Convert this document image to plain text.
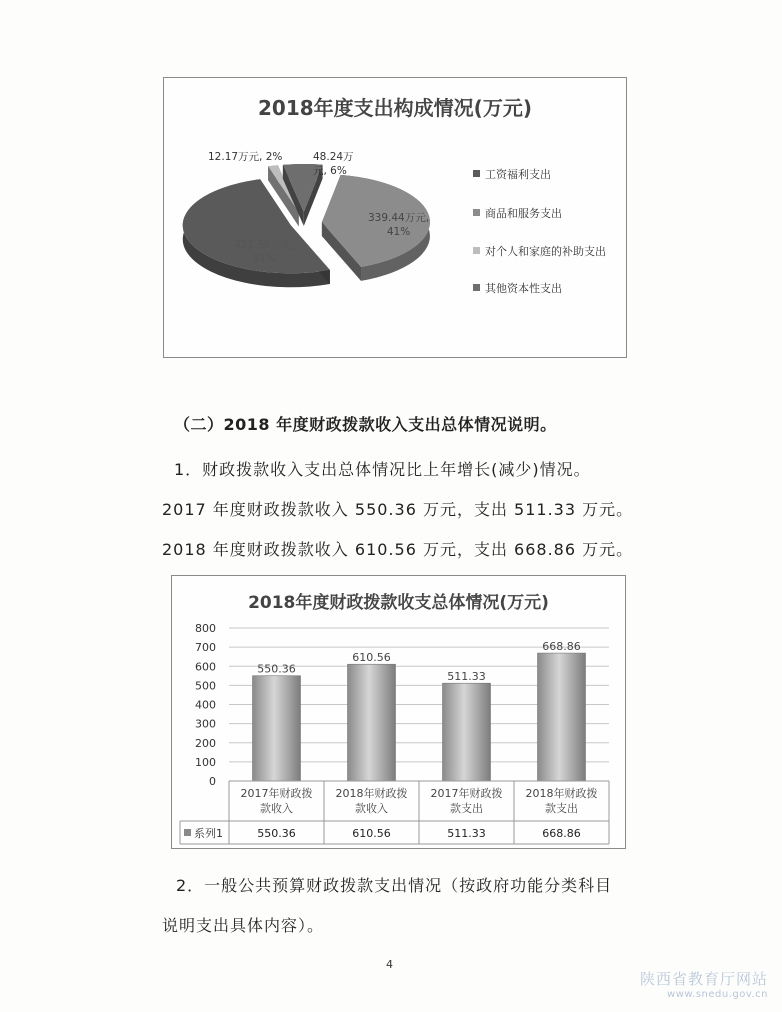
2018年度支出构成情况(万元)
421.56万元,
51%
339.44万元,
41%
12.17万元, 2%	48.24万
元, 6%	工资福利支出
商品和服务支出
对个人和家庭的补助支出
其他资本性支出
（二）2018 年度财政拨款收入支出总体情况说明。
1．财政拨款收入支出总体情况比上年增长(减少)情况。
2017 年度财政拨款收入 550.36 万元，支出 511.33 万元。
2018 年度财政拨款收入 610.56 万元，支出 668.86 万元。
2018年度财政拨款收支总体情况(万元)
0
100
200
300
400
500
600
700
800
550.36
610.56
511.33
668.86
2017年财政拨
款收入
550.36
2018年财政拨
款收入
610.56
2017年财政拨
款支出
511.33
2018年财政拨
款支出
668.86
系列1
2．一般公共预算财政拨款支出情况（按政府功能分类科目
说明支出具体内容）。
4
陕西省教育厅网站
www.snedu.gov.cn
